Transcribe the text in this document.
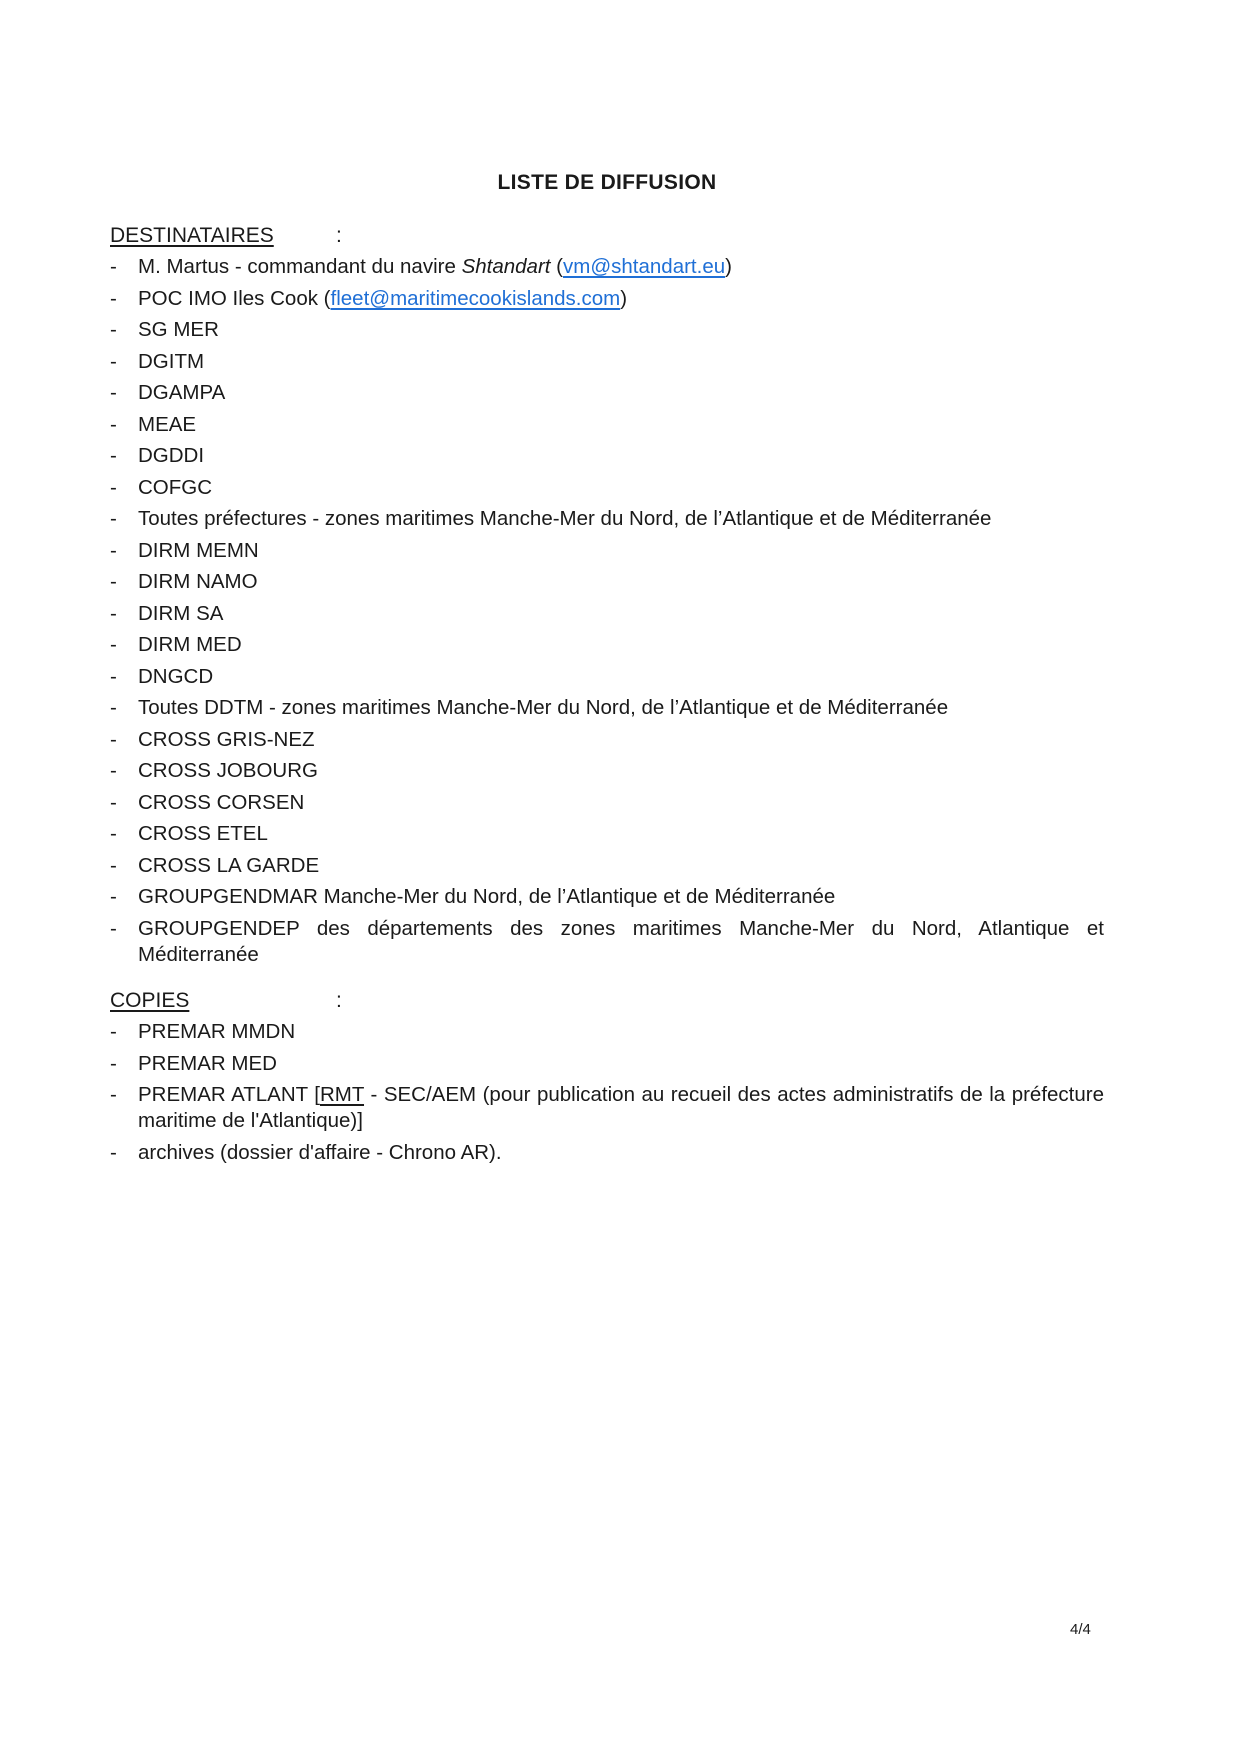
LISTE DE DIFFUSION
DESTINATAIRES	:
- M. Martus - commandant du navire Shtandart (vm@shtandart.eu)
- POC IMO Iles Cook (fleet@maritimecookislands.com)
- SG MER
- DGITM
- DGAMPA
- MEAE
- DGDDI
- COFGC
- Toutes préfectures - zones maritimes Manche-Mer du Nord, de l’Atlantique et de Méditerranée
- DIRM MEMN
- DIRM NAMO
- DIRM SA
- DIRM MED
- DNGCD
- Toutes DDTM - zones maritimes Manche-Mer du Nord, de l’Atlantique et de Méditerranée
- CROSS GRIS-NEZ
- CROSS JOBOURG
- CROSS CORSEN
- CROSS ETEL
- CROSS LA GARDE
- GROUPGENDMAR Manche-Mer du Nord, de l’Atlantique et de Méditerranée
- GROUPGENDEP des départements des zones maritimes Manche-Mer du Nord, Atlantique et Méditerranée
COPIES	:
- PREMAR MMDN
- PREMAR MED
- PREMAR ATLANT [RMT - SEC/AEM (pour publication au recueil des actes administratifs de la préfecture maritime de l'Atlantique)]
- archives (dossier d'affaire - Chrono AR).
4/4
